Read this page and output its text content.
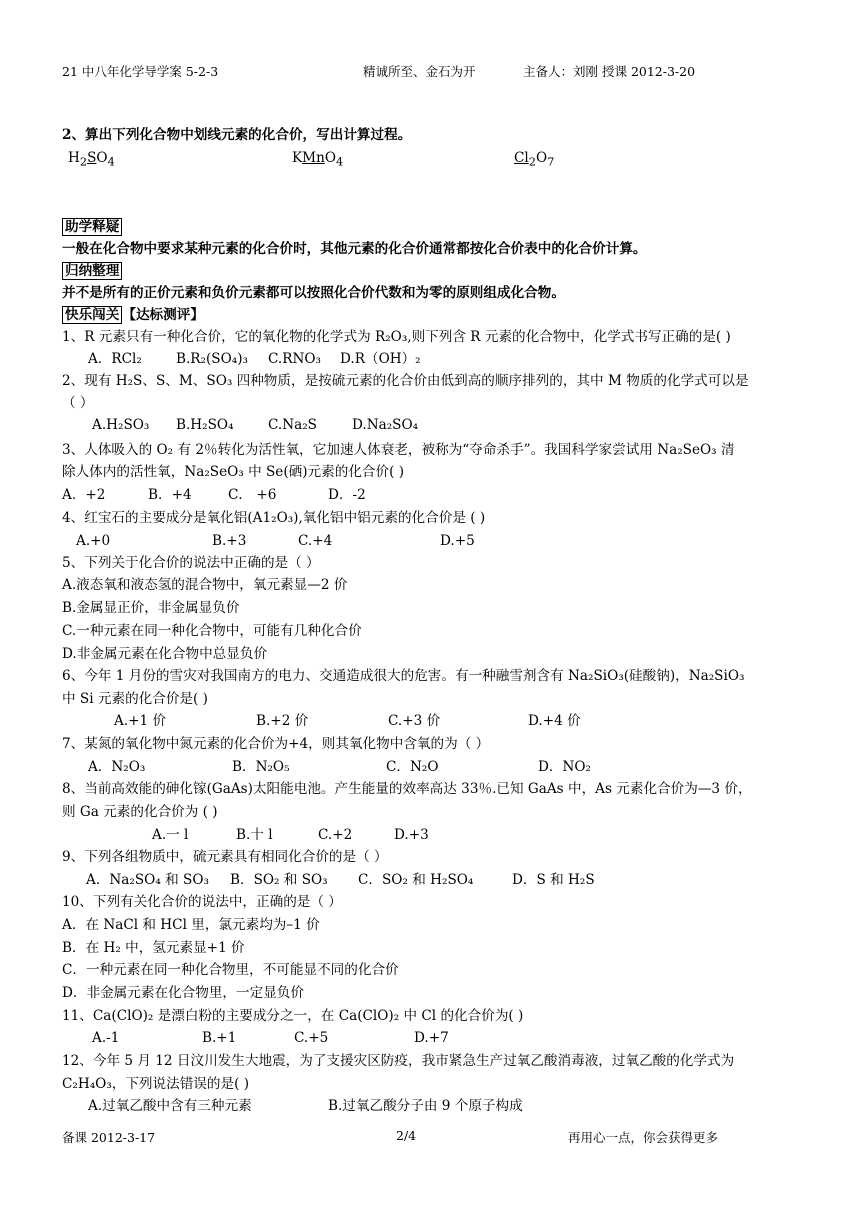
21 中八年化学导学案 5-2-3	精诚所至、金石为开	主备人：刘刚 授课 2012-3-20
2、算出下列化合物中划线元素的化合价，写出计算过程。
$H_2SO_4$	KMnO$_4$	$Cl_2O_7$
助学释疑
一般在化合物中要求某种元素的化合价时，其他元素的化合价通常都按化合价表中的化合价计算。
归纳整理
并不是所有的正价元素和负价元素都可以按照化合价代数和为零的原则组成化合物。
快乐闯关 【达标测评】
1、R 元素只有一种化合价，它的氧化物的化学式为 R₂O₃,则下列含 R 元素的化合物中，化学式书写正确的是( )
A．RCl₂	B.R₂(SO₄)₃ C.RNO₃ D.R（OH）₂
2、现有 H₂S、S、M、SO₃ 四种物质，是按硫元素的化合价由低到高的顺序排列的，其中 M 物质的化学式可以是
（ ）
A.H₂SO₃ B.H₂SO₄	C.Na₂S	D.Na₂SO₄
3、人体吸入的 O₂ 有 2％转化为活性氧，它加速人体衰老，被称为“夺命杀手”。我国科学家尝试用 Na₂SeO₃ 清
除人体内的活性氧，Na₂SeO₃ 中 Se(硒)元素的化合价( )
A．+2	B．+4	C． +6	D．-2
4、红宝石的主要成分是氧化铝(A1₂O₃),氧化铝中铝元素的化合价是 ( )
A.+0	B.+3	C.+4	D.+5
5、下列关于化合价的说法中正确的是（ ）
A.液态氧和液态氢的混合物中，氧元素显—2 价
B.金属显正价，非金属显负价
C.一种元素在同一种化合物中，可能有几种化合价
D.非金属元素在化合物中总显负价
6、今年 1 月份的雪灾对我国南方的电力、交通造成很大的危害。有一种融雪剂含有 Na₂SiO₃(硅酸钠)，Na₂SiO₃
中 Si 元素的化合价是( )
A.+1 价	B.+2 价	C.+3 价	D.+4 价
7、某氮的氧化物中氮元素的化合价为+4，则其氧化物中含氧的为（ ）
A．N₂O₃	B．N₂O₅	C．N₂O	D．NO₂
8、当前高效能的砷化镓(GaAs)太阳能电池。产生能量的效率高达 33％.已知 GaAs 中，As 元素化合价为—3 价，
则 Ga 元素的化合价为 ( )
A.一 l	B.十 l	C.+2	D.+3
9、下列各组物质中，硫元素具有相同化合价的是（ ）
A．Na₂SO₄ 和 SO₃ B．SO₂ 和 SO₃ C．SO₂ 和 H₂SO₄	D．S 和 H₂S
10、下列有关化合价的说法中，正确的是（ ）
A．在 NaCl 和 HCl 里，氯元素均为–1 价
B．在 H₂ 中，氢元素显+1 价
C．一种元素在同一种化合物里，不可能显不同的化合价
D．非金属元素在化合物里，一定显负价
11、Ca(ClO)₂ 是漂白粉的主要成分之一，在 Ca(ClO)₂ 中 Cl 的化合价为( )
A.-1	B.+1	C.+5	D.+7
12、今年 5 月 12 日汶川发生大地震，为了支援灾区防疫，我市紧急生产过氧乙酸消毒液，过氧乙酸的化学式为
C₂H₄O₃，下列说法错误的是( )
A.过氧乙酸中含有三种元素	B.过氧乙酸分子由 9 个原子构成
备课 2012-3-17	2/4	再用心一点，你会获得更多
